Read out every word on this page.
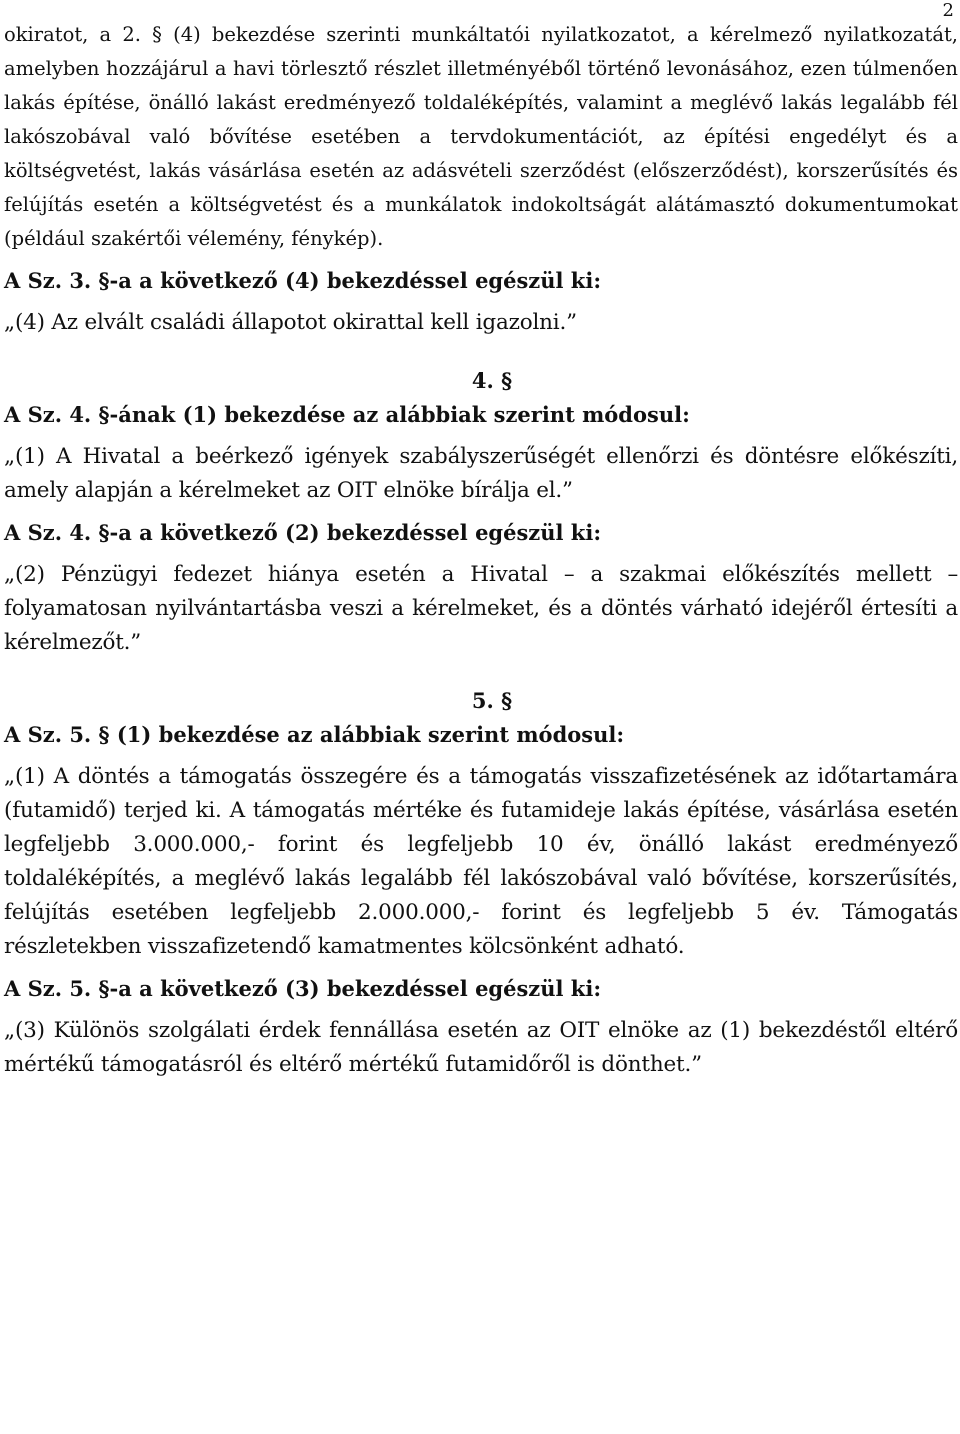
2

okiratot, a 2. § (4) bekezdése szerinti munkáltatói nyilatkozatot, a kérelmező nyilatkozatát, amelyben hozzájárul a havi törlesztő részlet illetményéből történő levonásához, ezen túlmenően lakás építése, önálló lakást eredményező toldaléképítés, valamint a meglévő lakás legalább fél lakószobával való bővítése esetében a tervdokumentációt, az építési engedélyt és a költségvetést, lakás vásárlása esetén az adásvételi szerződést (előszerződést), korszerűsítés és felújítás esetén a költségvetést és a munkálatok indokoltságát alátámasztó dokumentumokat (például szakértői vélemény, fénykép).

A Sz. 3. §-a a következő (4) bekezdéssel egészül ki:

„(4) Az elvált családi állapotot okirattal kell igazolni.”

4. §

A Sz. 4. §-ának (1) bekezdése az alábbiak szerint módosul:

„(1) A Hivatal a beérkező igények szabályszerűségét ellenőrzi és döntésre előkészíti, amely alapján a kérelmeket az OIT elnöke bírálja el.”

A Sz. 4. §-a a következő (2) bekezdéssel egészül ki:

„(2) Pénzügyi fedezet hiánya esetén a Hivatal – a szakmai előkészítés mellett – folyamatosan nyilvántartásba veszi a kérelmeket, és a döntés várható idejéről értesíti a kérelmezőt.”

5. §

A Sz. 5. § (1) bekezdése az alábbiak szerint módosul:

„(1) A döntés a támogatás összegére és a támogatás visszafizetésének az időtartamára (futamidő) terjed ki. A támogatás mértéke és futamideje lakás építése, vásárlása esetén legfeljebb 3.000.000,- forint és legfeljebb 10 év, önálló lakást eredményező toldaléképítés, a meglévő lakás legalább fél lakószobával való bővítése, korszerűsítés, felújítás esetében legfeljebb 2.000.000,- forint és legfeljebb 5 év. Támogatás részletekben visszafizetendő kamatmentes kölcsönként adható.

A Sz. 5. §-a a következő (3) bekezdéssel egészül ki:

„(3) Különös szolgálati érdek fennállása esetén az OIT elnöke az (1) bekezdéstől eltérő mértékű támogatásról és eltérő mértékű futamidőről is dönthet.”
